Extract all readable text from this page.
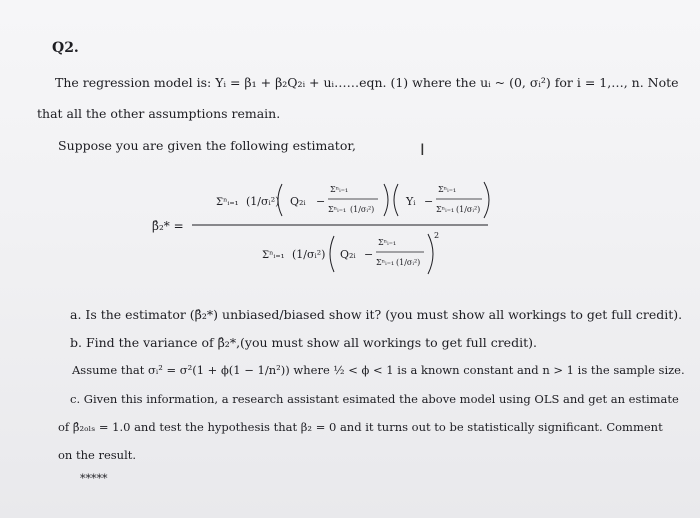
Q2.
The regression model is: Yᵢ = β₁ + β₂Q₂ᵢ + uᵢ……eqn. (1) where the uᵢ ~ (0, σᵢ²) for i = 1,…, n. Note
that all the other assumptions remain.
Suppose you are given the following estimator,	I
β̂₂* =
Σⁿᵢ₌₁ (1/σᵢ²) Q₂ᵢ −
Σⁿᵢ₌₁
Σⁿᵢ₌₁ (1/σᵢ²)
Yᵢ −
Σⁿᵢ₌₁
Σⁿᵢ₌₁ (1/σᵢ²)
Σⁿᵢ₌₁ (1/σᵢ²) Q₂ᵢ −
Σⁿᵢ₌₁
Σⁿᵢ₌₁ (1/σᵢ²)
2
a. Is the estimator (β̂₂*) unbiased/biased show it? (you must show all workings to get full credit).
b. Find the variance of β̂₂*,(you must show all workings to get full credit).
Assume that σᵢ² = σ²(1 + ϕ(1 − 1/n²)) where ½ < ϕ < 1 is a known constant and n > 1 is the sample size.
c. Given this information, a research assistant esimated the above model using OLS and get an estimate
of β̂₂ₒₗₛ = 1.0 and test the hypothesis that β₂ = 0 and it turns out to be statistically significant. Comment
on the result.
*****
